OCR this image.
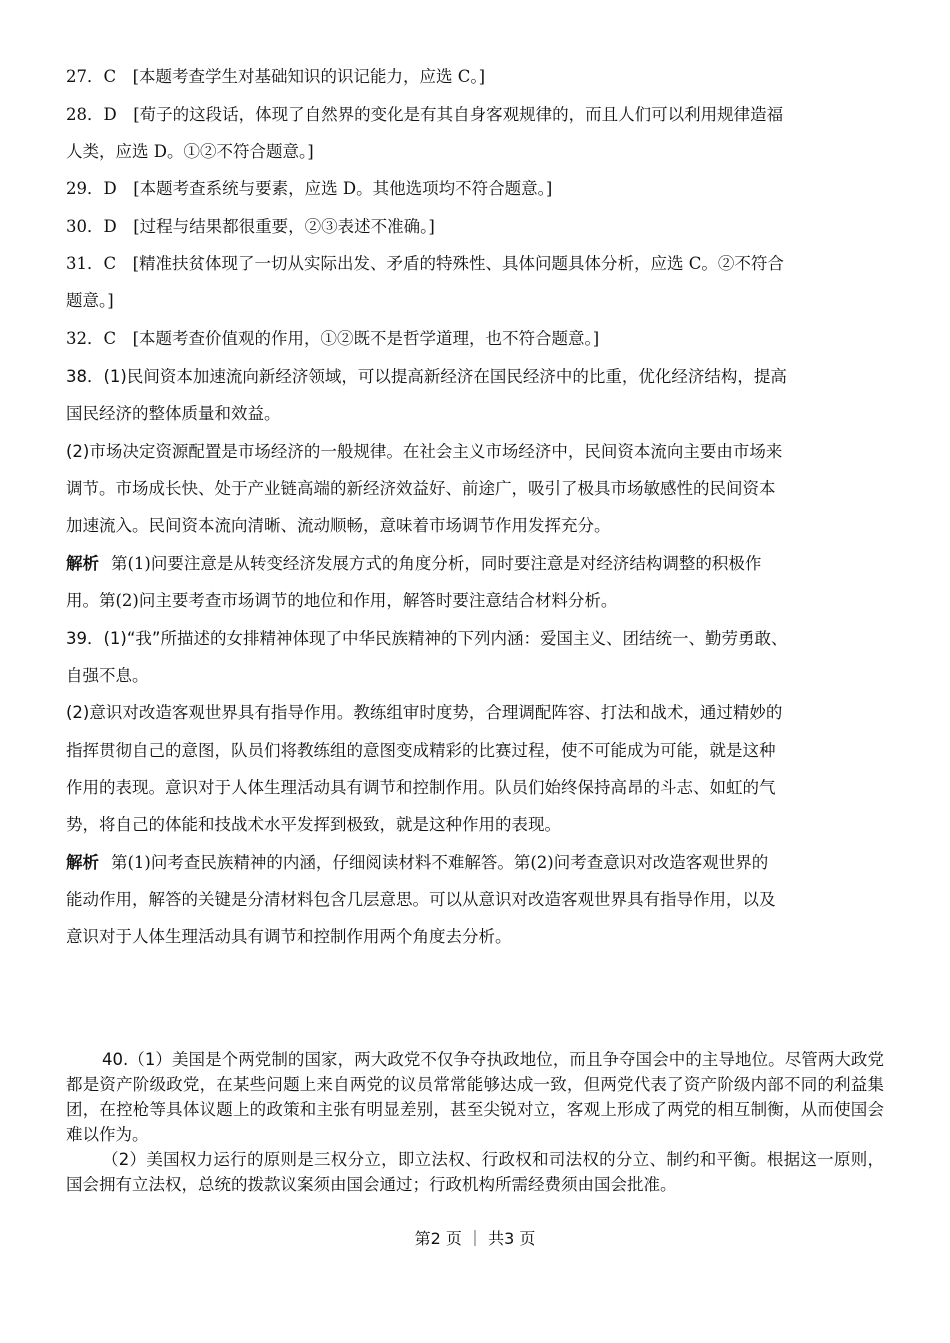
27．C　[本题考查学生对基础知识的识记能力，应选 C。]
28．D　[荀子的这段话，体现了自然界的变化是有其自身客观规律的，而且人们可以利用规律造福
人类，应选 D。①②不符合题意。]
29．D　[本题考查系统与要素，应选 D。其他选项均不符合题意。]
30．D　[过程与结果都很重要，②③表述不准确。]
31．C　[精准扶贫体现了一切从实际出发、矛盾的特殊性、具体问题具体分析，应选 C。②不符合
题意。]
32．C　[本题考查价值观的作用，①②既不是哲学道理，也不符合题意。]
38．(1)民间资本加速流向新经济领域，可以提高新经济在国民经济中的比重，优化经济结构，提高
国民经济的整体质量和效益。
(2)市场决定资源配置是市场经济的一般规律。在社会主义市场经济中，民间资本流向主要由市场来
调节。市场成长快、处于产业链高端的新经济效益好、前途广，吸引了极具市场敏感性的民间资本
加速流入。民间资本流向清晰、流动顺畅，意味着市场调节作用发挥充分。
解析 第(1)问要注意是从转变经济发展方式的角度分析，同时要注意是对经济结构调整的积极作
用。第(2)问主要考查市场调节的地位和作用，解答时要注意结合材料分析。
39．(1)“我”所描述的女排精神体现了中华民族精神的下列内涵：爱国主义、团结统一、勤劳勇敢、
自强不息。
(2)意识对改造客观世界具有指导作用。教练组审时度势，合理调配阵容、打法和战术，通过精妙的
指挥贯彻自己的意图，队员们将教练组的意图变成精彩的比赛过程，使不可能成为可能，就是这种
作用的表现。意识对于人体生理活动具有调节和控制作用。队员们始终保持高昂的斗志、如虹的气
势，将自己的体能和技战术水平发挥到极致，就是这种作用的表现。
解析 第(1)问考查民族精神的内涵，仔细阅读材料不难解答。第(2)问考查意识对改造客观世界的
能动作用，解答的关键是分清材料包含几层意思。可以从意识对改造客观世界具有指导作用，以及
意识对于人体生理活动具有调节和控制作用两个角度去分析。

40.（1）美国是个两党制的国家，两大政党不仅争夺执政地位，而且争夺国会中的主导地位。尽管两大政党都是资产阶级政党，在某些问题上来自两党的议员常常能够达成一致，但两党代表了资产阶级内部不同的利益集团，在控枪等具体议题上的政策和主张有明显差别，甚至尖锐对立，客观上形成了两党的相互制衡，从而使国会难以作为。

（2）美国权力运行的原则是三权分立，即立法权、行政权和司法权的分立、制约和平衡。根据这一原则，国会拥有立法权，总统的拨款议案须由国会通过；行政机构所需经费须由国会批准。

第2 页 ｜ 共3 页
